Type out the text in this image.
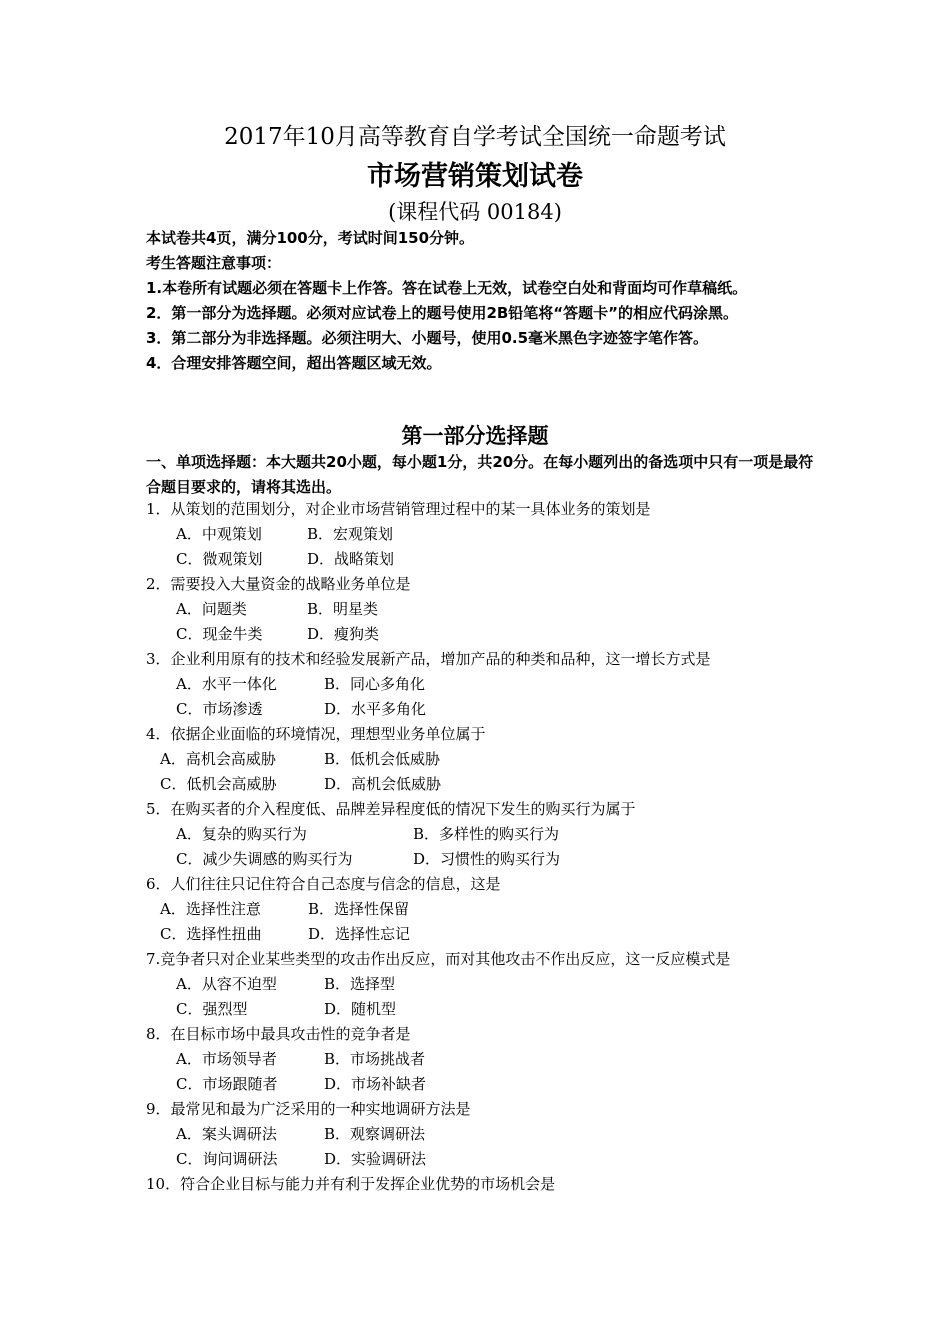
2017年10月高等教育自学考试全国统一命题考试
市场营销策划试卷
(课程代码 00184)

本试卷共4页，满分100分，考试时间150分钟。

考生答题注意事项：

1.本卷所有试题必须在答题卡上作答。答在试卷上无效，试卷空白处和背面均可作草稿纸。

2．第一部分为选择题。必须对应试卷上的题号使用2B铅笔将“答题卡”的相应代码涂黑。

3．第二部分为非选择题。必须注明大、小题号，使用0.5毫米黑色字迹签字笔作答。

4．合理安排答题空间，超出答题区域无效。

第一部分选择题

一、单项选择题：本大题共20小题，每小题1分，共20分。在每小题列出的备选项中只有一项是最符合题目要求的，请将其选出。

1．从策划的范围划分，对企业市场营销管理过程中的某一具体业务的策划是

A．中观策划	B．宏观策划

C．微观策划	D．战略策划

2．需要投入大量资金的战略业务单位是

A．问题类	B．明星类

C．现金牛类	D．瘦狗类

3．企业利用原有的技术和经验发展新产品，增加产品的种类和品种，这一增长方式是

A．水平一体化	B．同心多角化

C．市场渗透	D．水平多角化

4．依据企业面临的环境情况，理想型业务单位属于

A．高机会高威胁	B．低机会低威胁

C．低机会高威胁	D．高机会低威胁

5．在购买者的介入程度低、品牌差异程度低的情况下发生的购买行为属于

A．复杂的购买行为	B．多样性的购买行为

C．减少失调感的购买行为	D．习惯性的购买行为

6．人们往往只记住符合自己态度与信念的信息，这是

A．选择性注意	B．选择性保留

C．选择性扭曲	D．选择性忘记

7.竞争者只对企业某些类型的攻击作出反应，而对其他攻击不作出反应，这一反应模式是

A．从容不迫型	B．选择型

C．强烈型	D．随机型

8．在目标市场中最具攻击性的竞争者是

A．市场领导者	B．市场挑战者

C．市场跟随者	D．市场补缺者

9．最常见和最为广泛采用的一种实地调研方法是

A．案头调研法	B．观察调研法

C．询问调研法	D．实验调研法

10．符合企业目标与能力并有利于发挥企业优势的市场机会是
